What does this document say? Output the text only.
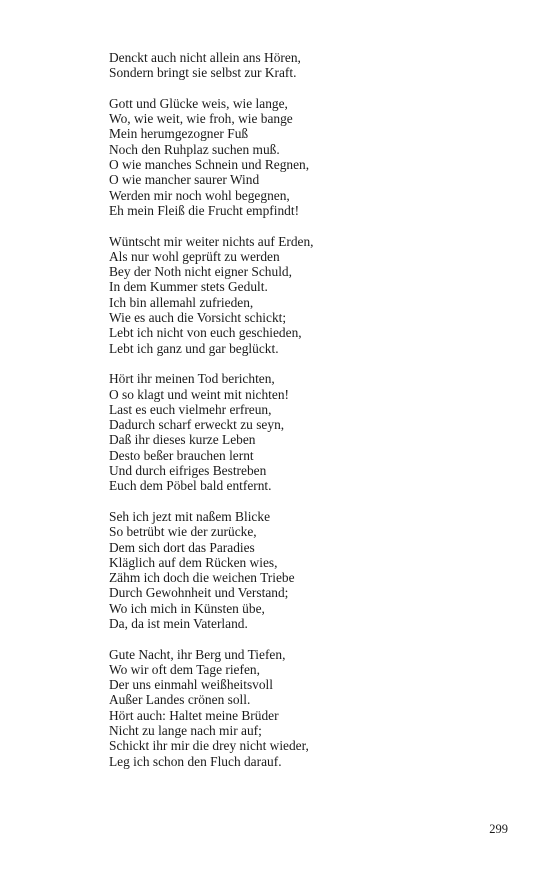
Denckt auch nicht allein ans Hören,
Sondern bringt sie selbst zur Kraft.
Gott und Glücke weis, wie lange,
Wo, wie weit, wie froh, wie bange
Mein herumgezogner Fuß
Noch den Ruhplaz suchen muß.
O wie manches Schnein und Regnen,
O wie mancher saurer Wind
Werden mir noch wohl begegnen,
Eh mein Fleiß die Frucht empfindt!
Wüntscht mir weiter nichts auf Erden,
Als nur wohl geprüft zu werden
Bey der Noth nicht eigner Schuld,
In dem Kummer stets Gedult.
Ich bin allemahl zufrieden,
Wie es auch die Vorsicht schickt;
Lebt ich nicht von euch geschieden,
Lebt ich ganz und gar beglückt.
Hört ihr meinen Tod berichten,
O so klagt und weint mit nichten!
Last es euch vielmehr erfreun,
Dadurch scharf erweckt zu seyn,
Daß ihr dieses kurze Leben
Desto beßer brauchen lernt
Und durch eifriges Bestreben
Euch dem Pöbel bald entfernt.
Seh ich jezt mit naßem Blicke
So betrübt wie der zurücke,
Dem sich dort das Paradies
Kläglich auf dem Rücken wies,
Zähm ich doch die weichen Triebe
Durch Gewohnheit und Verstand;
Wo ich mich in Künsten übe,
Da, da ist mein Vaterland.
Gute Nacht, ihr Berg und Tiefen,
Wo wir oft dem Tage riefen,
Der uns einmahl weißheitsvoll
Außer Landes crönen soll.
Hört auch: Haltet meine Brüder
Nicht zu lange nach mir auf;
Schickt ihr mir die drey nicht wieder,
Leg ich schon den Fluch darauf.
299
